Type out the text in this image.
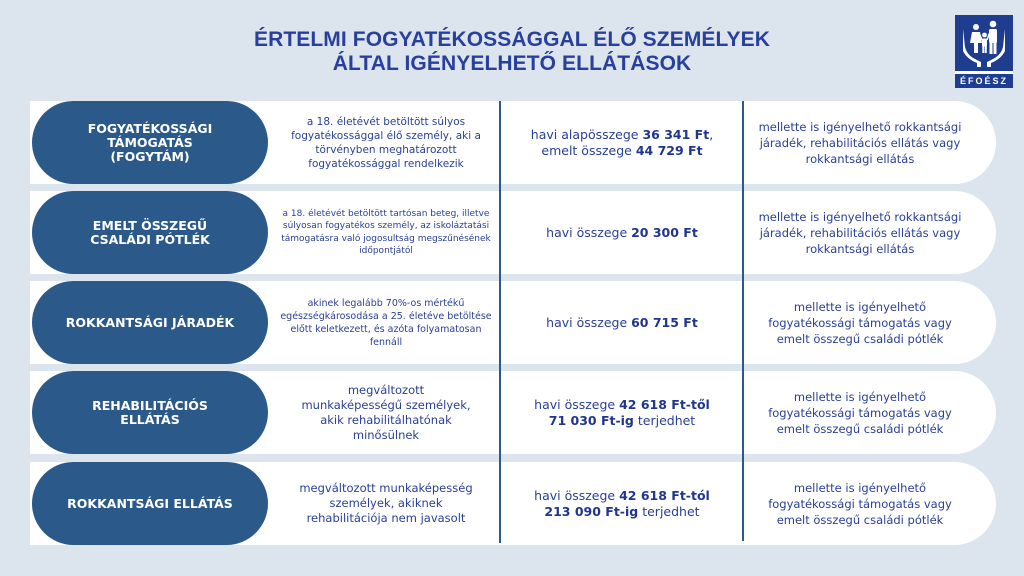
ÉRTELMI FOGYATÉKOSSÁGGAL ÉLŐ SZEMÉLYEK
ÁLTAL IGÉNYELHETŐ ELLÁTÁSOK
ÉFOÉSZ
FOGYATÉKOSSÁGI
TÁMOGATÁS
(FOGYTÁM)
a 18. életévét betöltött súlyos fogyatékossággal élő személy, aki a törvényben meghatározott fogyatékossággal rendelkezik
havi alapösszege 36 341 Ft,
emelt összege 44 729 Ft
mellette is igényelhető rokkantsági járadék, rehabilitációs ellátás vagy rokkantsági ellátás
EMELT ÖSSZEGŰ
CSALÁDI PÓTLÉK
a 18. életévét betöltött tartósan beteg, illetve súlyosan fogyatékos személy, az iskoláztatási támogatásra való jogosultság megszűnésének időpontjától
havi összege 20 300 Ft
mellette is igényelhető rokkantsági járadék, rehabilitációs ellátás vagy rokkantsági ellátás
ROKKANTSÁGI JÁRADÉK
akinek legalább 70%-os mértékű egészségkárosodása a 25. életéve betöltése előtt keletkezett, és azóta folyamatosan fennáll
havi összege 60 715 Ft
mellette is igényelhető fogyatékossági támogatás vagy emelt összegű családi pótlék
REHABILITÁCIÓS
ELLÁTÁS
megváltozott munkaképességű személyek, akik rehabilitálhatónak minősülnek
havi összege 42 618 Ft-től
71 030 Ft-ig terjedhet
mellette is igényelhető fogyatékossági támogatás vagy emelt összegű családi pótlék
ROKKANTSÁGI ELLÁTÁS
megváltozott munkaképesség személyek, akiknek rehabilitációja nem javasolt
havi összege 42 618 Ft-tól
213 090 Ft-ig terjedhet
mellette is igényelhető fogyatékossági támogatás vagy emelt összegű családi pótlék
